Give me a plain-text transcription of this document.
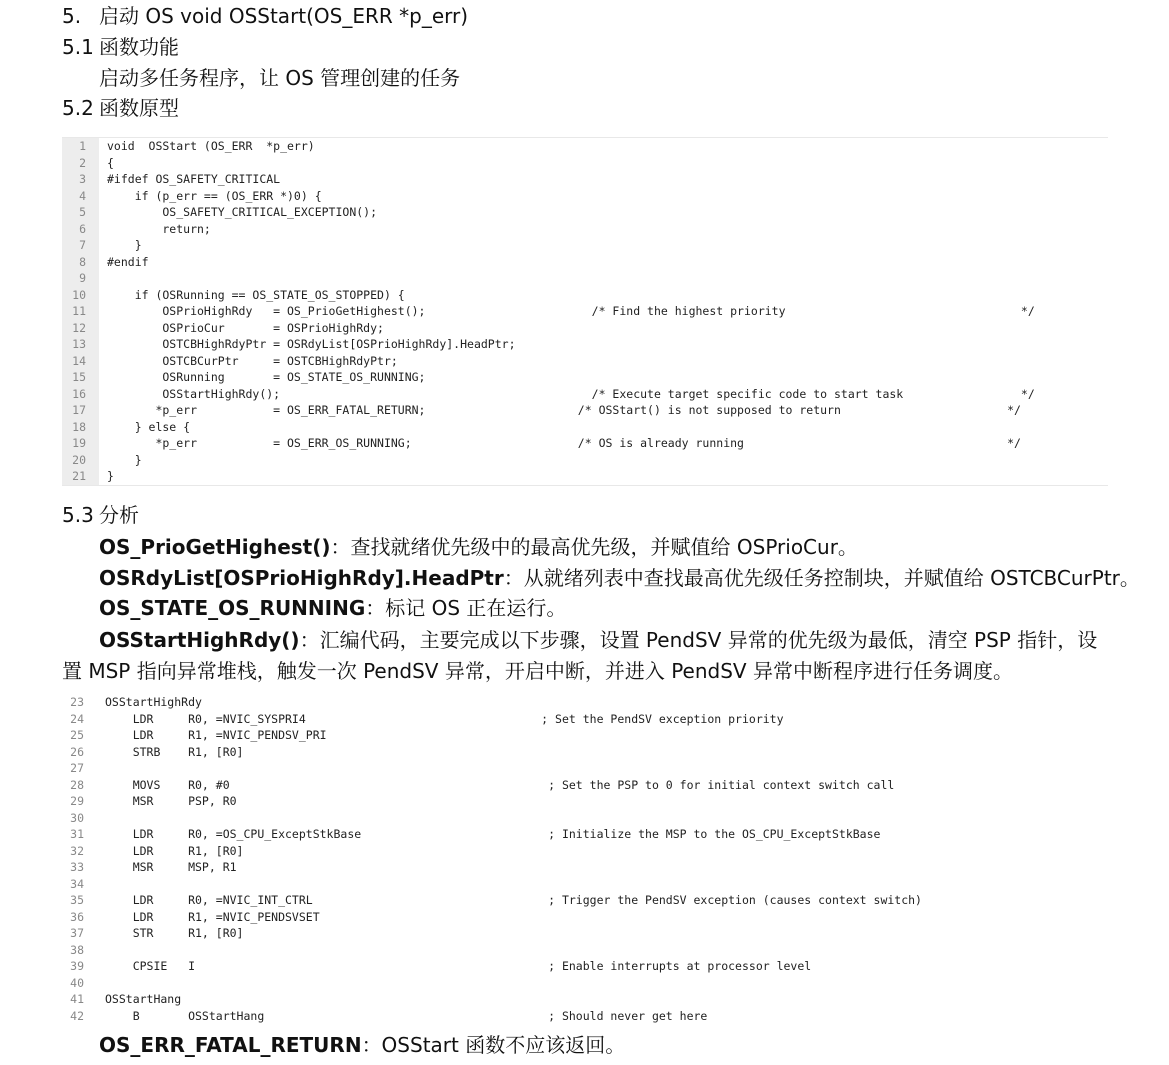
5. 启动 OS void OSStart(OS_ERR *p_err)
5.1 函数功能
启动多任务程序，让 OS 管理创建的任务
5.2 函数原型
1	void  OSStart (OS_ERR  *p_err)
2	{
3	#ifdef OS_SAFETY_CRITICAL
4	if (p_err == (OS_ERR *)0) {
5	OS_SAFETY_CRITICAL_EXCEPTION();
6	return;
7	}
8	#endif
9
10	if (OSRunning == OS_STATE_OS_STOPPED) {
11	OSPrioHighRdy   = OS_PrioGetHighest();                        /* Find the highest priority                                  */
12	OSPrioCur       = OSPrioHighRdy;
13	OSTCBHighRdyPtr = OSRdyList[OSPrioHighRdy].HeadPtr;
14	OSTCBCurPtr     = OSTCBHighRdyPtr;
15	OSRunning       = OS_STATE_OS_RUNNING;
16	OSStartHighRdy();                                             /* Execute target specific code to start task                 */
17	*p_err           = OS_ERR_FATAL_RETURN;                      /* OSStart() is not supposed to return                        */
18	} else {
19	*p_err           = OS_ERR_OS_RUNNING;                        /* OS is already running                                      */
20	}
21	}
5.3 分析
OS_PrioGetHighest()：查找就绪优先级中的最高优先级，并赋值给 OSPrioCur。
OSRdyList[OSPrioHighRdy].HeadPtr：从就绪列表中查找最高优先级任务控制块，并赋值给 OSTCBCurPtr。
OS_STATE_OS_RUNNING：标记 OS 正在运行。
OSStartHighRdy()：汇编代码，主要完成以下步骤，设置 PendSV 异常的优先级为最低，清空 PSP 指针，设置 MSP 指向异常堆栈，触发一次 PendSV 异常，开启中断，并进入 PendSV 异常中断程序进行任务调度。
23	OSStartHighRdy
24	LDR     R0, =NVIC_SYSPRI4                                  ; Set the PendSV exception priority
25	LDR     R1, =NVIC_PENDSV_PRI
26	STRB    R1, [R0]
27
28	MOVS    R0, #0                                              ; Set the PSP to 0 for initial context switch call
29	MSR     PSP, R0
30
31	LDR     R0, =OS_CPU_ExceptStkBase                           ; Initialize the MSP to the OS_CPU_ExceptStkBase
32	LDR     R1, [R0]
33	MSR     MSP, R1
34
35	LDR     R0, =NVIC_INT_CTRL                                  ; Trigger the PendSV exception (causes context switch)
36	LDR     R1, =NVIC_PENDSVSET
37	STR     R1, [R0]
38
39	CPSIE   I                                                   ; Enable interrupts at processor level
40
41	OSStartHang
42	B       OSStartHang                                         ; Should never get here
OS_ERR_FATAL_RETURN：OSStart 函数不应该返回。
